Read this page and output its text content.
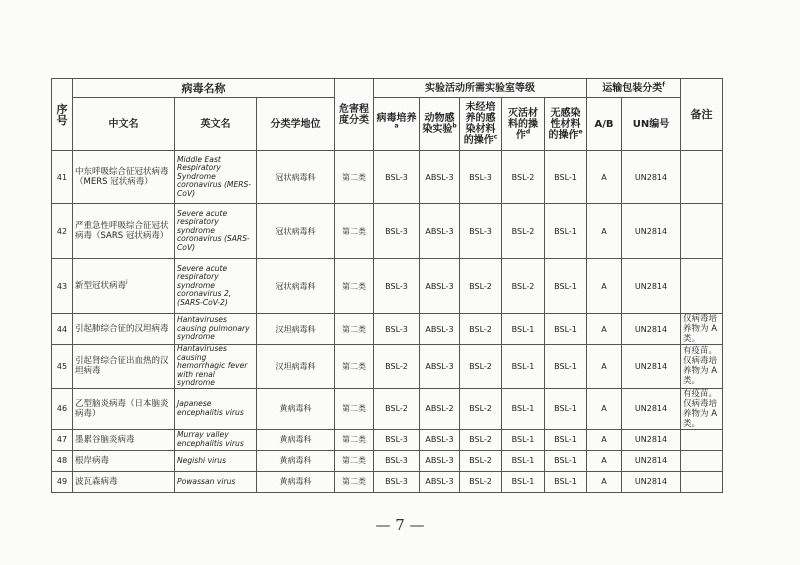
序号	病毒名称			危害程度分类	实验活动所需实验室等级					运输包装分类$^f$		备注
	中文名	英文名	分类学地位		病毒培养$^a$	动物感染实验$^b$	未经培养的感染材料的操作$^c$	灭活材料的操作$^d$	无感染性材料的操作$^e$	A/B	UN编号	
41	中东呼吸综合征冠状病毒（MERS 冠状病毒）	Middle East Respiratory Syndrome coronavirus (MERS-CoV)	冠状病毒科	第二类	BSL-3	ABSL-3	BSL-3	BSL-2	BSL-1	A	UN2814	
42	严重急性呼吸综合征冠状病毒（SARS 冠状病毒）	Severe acute respiratory syndrome coronavirus (SARS-CoV)	冠状病毒科	第二类	BSL-3	ABSL-3	BSL-3	BSL-2	BSL-1	A	UN2814	
43	新型冠状病毒$^i$	Severe acute respiratory syndrome coronavirus 2, (SARS-CoV-2)	冠状病毒科	第二类	BSL-3	ABSL-3	BSL-2	BSL-2	BSL-1	A	UN2814	
44	引起肺综合征的汉坦病毒	Hantaviruses causing pulmonary syndrome	汉坦病毒科	第二类	BSL-3	ABSL-3	BSL-2	BSL-1	BSL-1	A	UN2814	仅病毒培养物为 A 类。
45	引起肾综合征出血热的汉坦病毒	Hantaviruses causing hemorrhagic fever with renal syndrome	汉坦病毒科	第二类	BSL-2	ABSL-3	BSL-2	BSL-1	BSL-1	A	UN2814	有疫苗。仅病毒培养物为 A 类。
46	乙型脑炎病毒（日本脑炎病毒）	Japanese encephalitis virus	黄病毒科	第二类	BSL-2	ABSL-2	BSL-2	BSL-1	BSL-1	A	UN2814	有疫苗。仅病毒培养物为 A 类。
47	墨累谷脑炎病毒	Murray valley encephalitis virus	黄病毒科	第二类	BSL-3	ABSL-3	BSL-2	BSL-1	BSL-1	A	UN2814	
48	根岸病毒	Negishi virus	黄病毒科	第二类	BSL-3	ABSL-3	BSL-2	BSL-1	BSL-1	A	UN2814	
49	波瓦森病毒	Powassan virus	黄病毒科	第二类	BSL-3	ABSL-3	BSL-2	BSL-1	BSL-1	A	UN2814	
— 7 —
